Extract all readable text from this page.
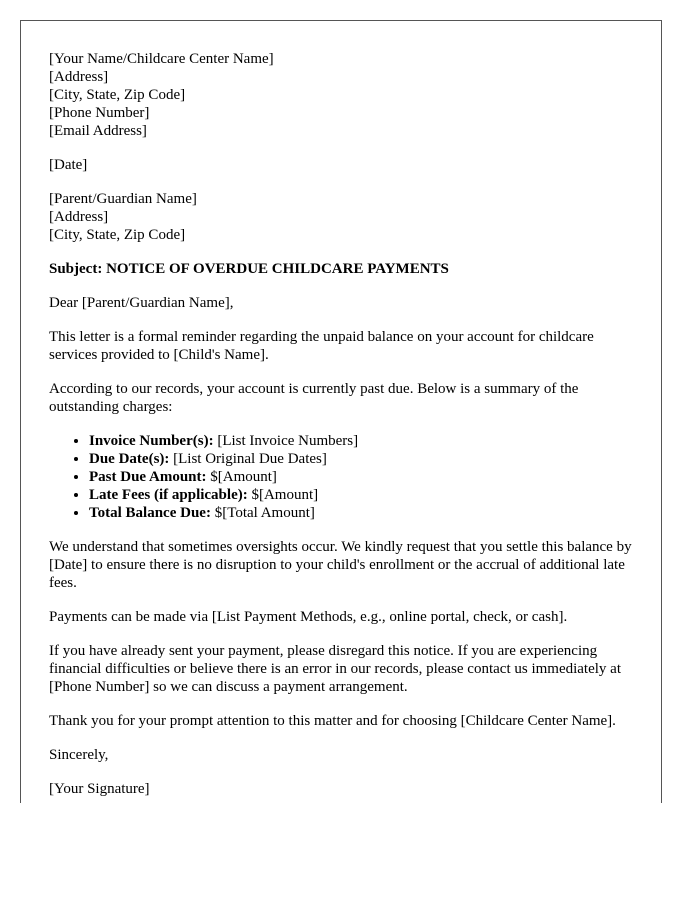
[Your Name/Childcare Center Name]
[Address]
[City, State, Zip Code]
[Phone Number]
[Email Address]
[Date]
[Parent/Guardian Name]
[Address]
[City, State, Zip Code]
Subject: NOTICE OF OVERDUE CHILDCARE PAYMENTS
Dear [Parent/Guardian Name],
This letter is a formal reminder regarding the unpaid balance on your account for childcare services provided to [Child's Name].
According to our records, your account is currently past due. Below is a summary of the outstanding charges:
• Invoice Number(s): [List Invoice Numbers]
• Due Date(s): [List Original Due Dates]
• Past Due Amount: $[Amount]
• Late Fees (if applicable): $[Amount]
• Total Balance Due: $[Total Amount]
We understand that sometimes oversights occur. We kindly request that you settle this balance by [Date] to ensure there is no disruption to your child's enrollment or the accrual of additional late fees.
Payments can be made via [List Payment Methods, e.g., online portal, check, or cash].
If you have already sent your payment, please disregard this notice. If you are experiencing financial difficulties or believe there is an error in our records, please contact us immediately at [Phone Number] so we can discuss a payment arrangement.
Thank you for your prompt attention to this matter and for choosing [Childcare Center Name].
Sincerely,
[Your Signature]
